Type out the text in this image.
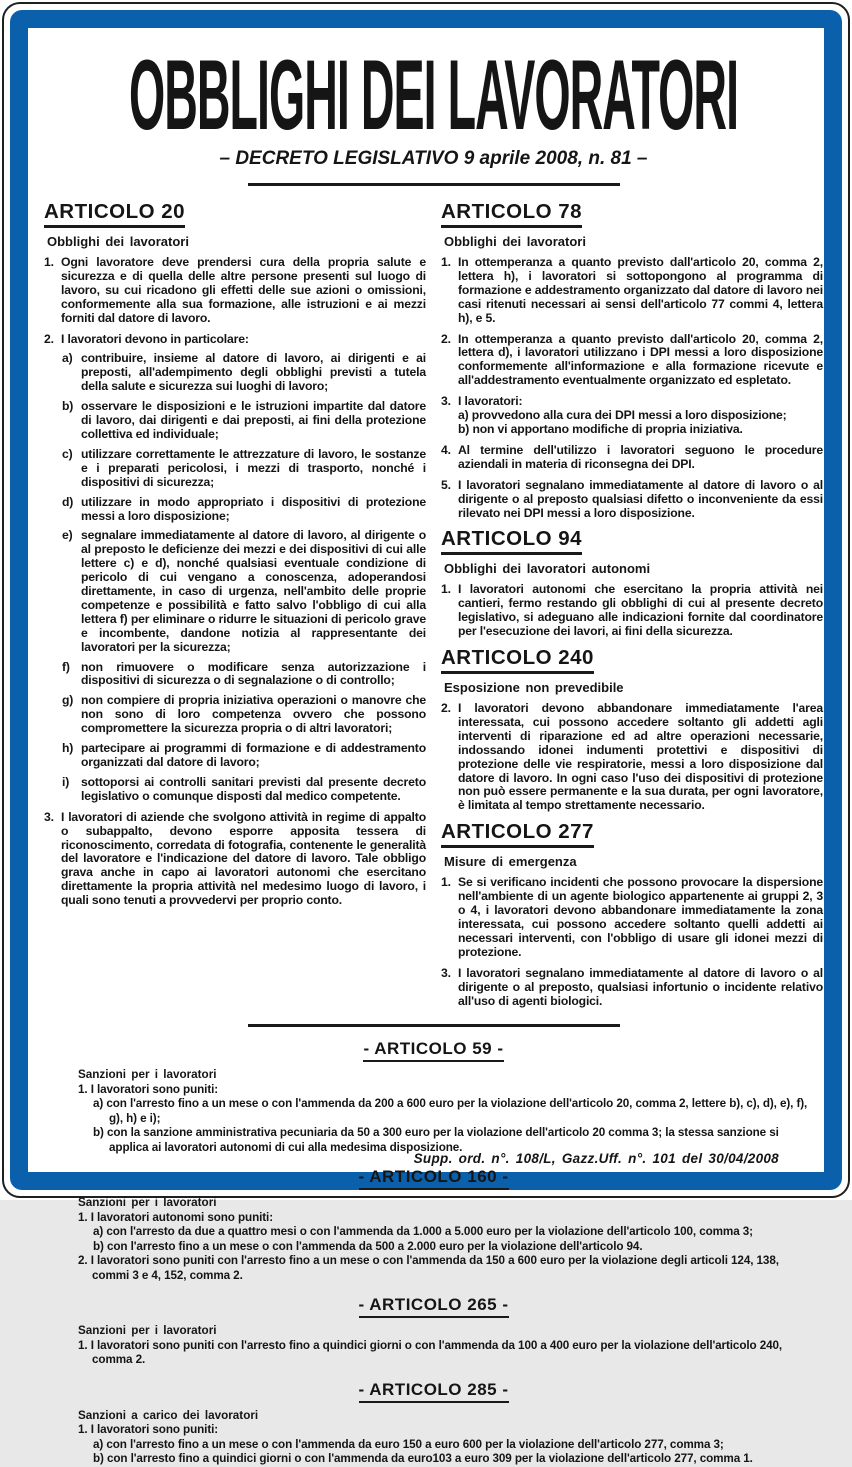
OBBLIGHI DEI LAVORATORI
– DECRETO LEGISLATIVO 9 aprile 2008, n. 81 –
ARTICOLO 20
Obblighi dei lavoratori
1. Ogni lavoratore deve prendersi cura della propria salute e sicurezza e di quella delle altre persone presenti sul luogo di lavoro, su cui ricadono gli effetti delle sue azioni o omissioni, conformemente alla sua formazione, alle istruzioni e ai mezzi forniti dal datore di lavoro.
2. I lavoratori devono in particolare:
a) contribuire, insieme al datore di lavoro, ai dirigenti e ai preposti, all'adempimento degli obblighi previsti a tutela della salute e sicurezza sui luoghi di lavoro;
b) osservare le disposizioni e le istruzioni impartite dal datore di lavoro, dai dirigenti e dai preposti, ai fini della protezione collettiva ed individuale;
c) utilizzare correttamente le attrezzature di lavoro, le sostanze e i preparati pericolosi, i mezzi di trasporto, nonché i dispositivi di sicurezza;
d) utilizzare in modo appropriato i dispositivi di protezione messi a loro disposizione;
e) segnalare immediatamente al datore di lavoro, al dirigente o al preposto le deficienze dei mezzi e dei dispositivi di cui alle lettere c) e d), nonché qualsiasi eventuale condizione di pericolo di cui vengano a conoscenza, adoperandosi direttamente, in caso di urgenza, nell'ambito delle proprie competenze e possibilità e fatto salvo l'obbligo di cui alla lettera f) per eliminare o ridurre le situazioni di pericolo grave e incombente, dandone notizia al rappresentante dei lavoratori per la sicurezza;
f) non rimuovere o modificare senza autorizzazione i dispositivi di sicurezza o di segnalazione o di controllo;
g) non compiere di propria iniziativa operazioni o manovre che non sono di loro competenza ovvero che possono compromettere la sicurezza propria o di altri lavoratori;
h) partecipare ai programmi di formazione e di addestramento organizzati dal datore di lavoro;
i) sottoporsi ai controlli sanitari previsti dal presente decreto legislativo o comunque disposti dal medico competente.
3. I lavoratori di aziende che svolgono attività in regime di appalto o subappalto, devono esporre apposita tessera di riconoscimento, corredata di fotografia, contenente le generalità del lavoratore e l'indicazione del datore di lavoro. Tale obbligo grava anche in capo ai lavoratori autonomi che esercitano direttamente la propria attività nel medesimo luogo di lavoro, i quali sono tenuti a provvedervi per proprio conto.
ARTICOLO 78
Obblighi dei lavoratori
1. In ottemperanza a quanto previsto dall'articolo 20, comma 2, lettera h), i lavoratori si sottopongono al programma di formazione e addestramento organizzato dal datore di lavoro nei casi ritenuti necessari ai sensi dell'articolo 77 commi 4, lettera h), e 5.
2. In ottemperanza a quanto previsto dall'articolo 20, comma 2, lettera d), i lavoratori utilizzano i DPI messi a loro disposizione conformemente all'informazione e alla formazione ricevute e all'addestramento eventualmente organizzato ed espletato.
3. I lavoratori:
a) provvedono alla cura dei DPI messi a loro disposizione;
b) non vi apportano modifiche di propria iniziativa.
4. Al termine dell'utilizzo i lavoratori seguono le procedure aziendali in materia di riconsegna dei DPI.
5. I lavoratori segnalano immediatamente al datore di lavoro o al dirigente o al preposto qualsiasi difetto o inconveniente da essi rilevato nei DPI messi a loro disposizione.
ARTICOLO 94
Obblighi dei lavoratori autonomi
1. I lavoratori autonomi che esercitano la propria attività nei cantieri, fermo restando gli obblighi di cui al presente decreto legislativo, si adeguano alle indicazioni fornite dal coordinatore per l'esecuzione dei lavori, ai fini della sicurezza.
ARTICOLO 240
Esposizione non prevedibile
2. I lavoratori devono abbandonare immediatamente l'area interessata, cui possono accedere soltanto gli addetti agli interventi di riparazione ed ad altre operazioni necessarie, indossando idonei indumenti protettivi e dispositivi di protezione delle vie respiratorie, messi a loro disposizione dal datore di lavoro. In ogni caso l'uso dei dispositivi di protezione non può essere permanente e la sua durata, per ogni lavoratore, è limitata al tempo strettamente necessario.
ARTICOLO 277
Misure di emergenza
1. Se si verificano incidenti che possono provocare la dispersione nell'ambiente di un agente biologico appartenente ai gruppi 2, 3 o 4, i lavoratori devono abbandonare immediatamente la zona interessata, cui possono accedere soltanto quelli addetti ai necessari interventi, con l'obbligo di usare gli idonei mezzi di protezione.
3. I lavoratori segnalano immediatamente al datore di lavoro o al dirigente o al preposto, qualsiasi infortunio o incidente relativo all'uso di agenti biologici.
- ARTICOLO 59 -
Sanzioni per i lavoratori
1. I lavoratori sono puniti:
a) con l'arresto fino a un mese o con l'ammenda da 200 a 600 euro per la violazione dell'articolo 20, comma 2, lettere b), c), d), e), f), g), h) e i);
b) con la sanzione amministrativa pecuniaria da 50 a 300 euro per la violazione dell'articolo 20 comma 3; la stessa sanzione si applica ai lavoratori autonomi di cui alla medesima disposizione.
- ARTICOLO 160 -
Sanzioni per i lavoratori
1. I lavoratori autonomi sono puniti:
a) con l'arresto da due a quattro mesi o con l'ammenda da 1.000 a 5.000 euro per la violazione dell'articolo 100, comma 3;
b) con l'arresto fino a un mese o con l'ammenda da 500 a 2.000 euro per la violazione dell'articolo 94.
2. I lavoratori sono puniti con l'arresto fino a un mese o con l'ammenda da 150 a 600 euro per la violazione degli articoli 124, 138, commi 3 e 4, 152, comma 2.
- ARTICOLO 265 -
Sanzioni per i lavoratori
1. I lavoratori sono puniti con l'arresto fino a quindici giorni o con l'ammenda da 100 a 400 euro per la violazione dell'articolo 240, comma 2.
- ARTICOLO 285 -
Sanzioni a carico dei lavoratori
1. I lavoratori sono puniti:
a) con l'arresto fino a un mese o con l'ammenda da euro 150 a euro 600 per la violazione dell'articolo 277, comma 3;
b) con l'arresto fino a quindici giorni o con l'ammenda da euro103 a euro 309 per la violazione dell'articolo 277, comma 1.
Supp. ord. n°. 108/L, Gazz.Uff. n°. 101 del 30/04/2008
